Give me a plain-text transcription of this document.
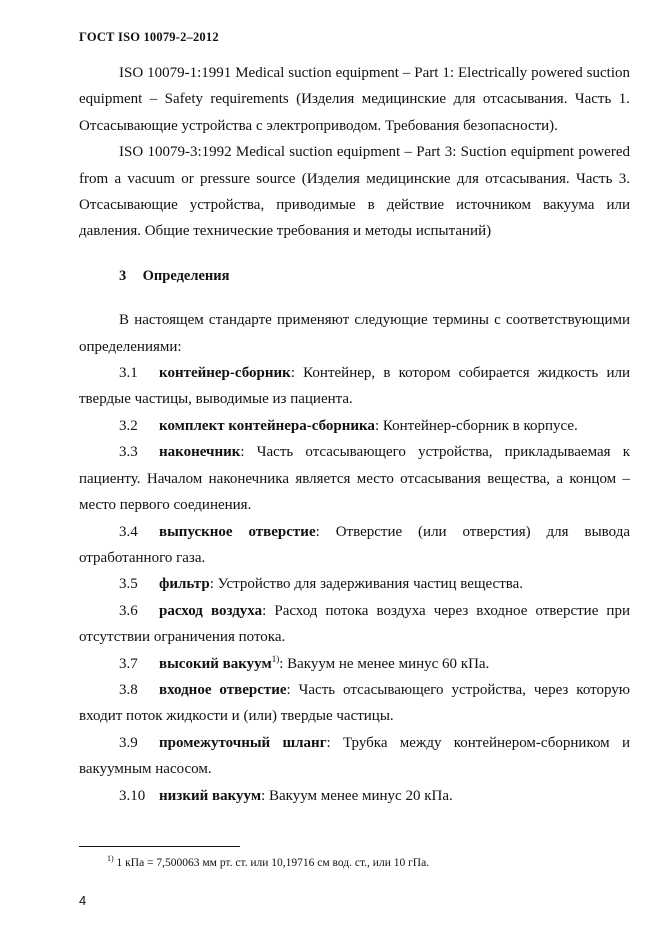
ГОСТ ISO 10079-2–2012

ISO 10079-1:1991 Medical suction equipment – Part 1: Electrically powered suction equipment – Safety requirements (Изделия медицинские для отсасывания. Часть 1. Отсасывающие устройства с электроприводом. Требования безопасности).

ISO 10079-3:1992 Medical suction equipment – Part 3: Suction equipment powered from a vacuum or pressure source (Изделия медицинские для отсасывания. Часть 3. Отсасывающие устройства, приводимые в действие источником вакуума или давления. Общие технические требования и методы испытаний)

3 Определения

В настоящем стандарте применяют следующие термины с соответствующими определениями:

3.1 контейнер-сборник: Контейнер, в котором собирается жидкость или твердые частицы, выводимые из пациента.

3.2 комплект контейнера-сборника: Контейнер-сборник в корпусе.

3.3 наконечник: Часть отсасывающего устройства, прикладываемая к пациенту. Началом наконечника является место отсасывания вещества, а концом – место первого соединения.

3.4 выпускное отверстие: Отверстие (или отверстия) для вывода отработанного газа.

3.5 фильтр: Устройство для задерживания частиц вещества.

3.6 расход воздуха: Расход потока воздуха через входное отверстие при отсутствии ограничения потока.

3.7 высокий вакуум$^{1)}$: Вакуум не менее минус 60 кПа.

3.8 входное отверстие: Часть отсасывающего устройства, через которую входит поток жидкости и (или) твердые частицы.

3.9 промежуточный шланг: Трубка между контейнером-сборником и вакуумным насосом.

3.10 низкий вакуум: Вакуум менее минус 20 кПа.

$^{1)}$ 1 кПа = 7,500063 мм рт. ст. или 10,19716 см вод. ст., или 10 гПа.
4
